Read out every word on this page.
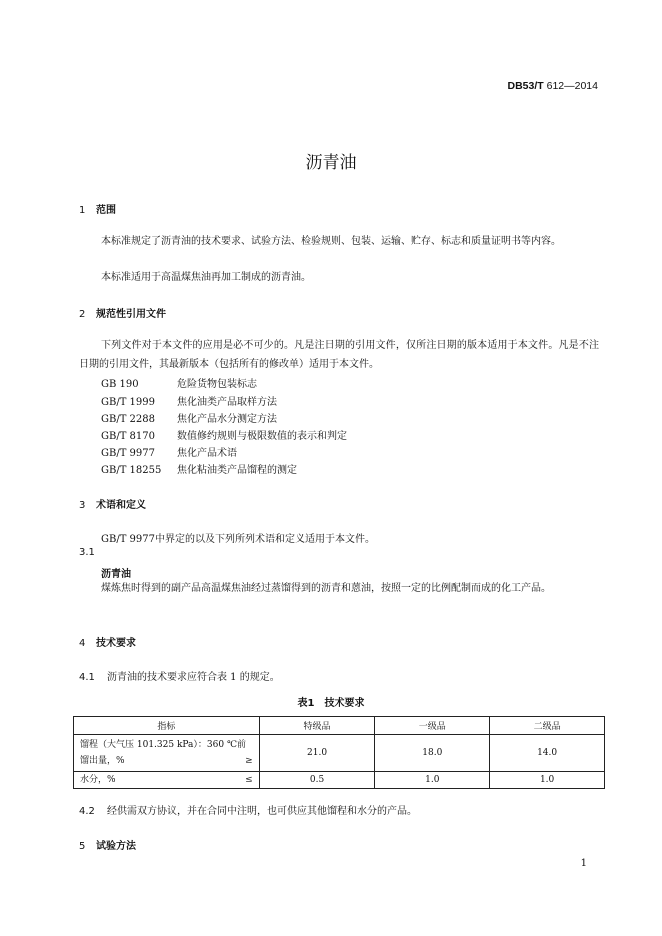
DB53/T 612—2014
沥青油
1 范围
本标准规定了沥青油的技术要求、试验方法、检验规则、包装、运输、贮存、标志和质量证明书等内容。
本标准适用于高温煤焦油再加工制成的沥青油。
2 规范性引用文件
下列文件对于本文件的应用是必不可少的。凡是注日期的引用文件，仅所注日期的版本适用于本文件。凡是不注日期的引用文件，其最新版本（包括所有的修改单）适用于本文件。
GB 190	危险货物包装标志
GB/T 1999 焦化油类产品取样方法
GB/T 2288 焦化产品水分测定方法
GB/T 8170 数值修约规则与极限数值的表示和判定
GB/T 9977 焦化产品术语
GB/T 18255 焦化粘油类产品馏程的测定
3 术语和定义
GB/T 9977中界定的以及下列所列术语和定义适用于本文件。
3.1
沥青油
煤炼焦时得到的副产品高温煤焦油经过蒸馏得到的沥青和蒽油，按照一定的比例配制而成的化工产品。
4 技术要求
4.1 沥青油的技术要求应符合表 1 的规定。
表1　技术要求
指标	特级品	一级品	二级品

馏程（大气压 101.325 kPa）：360 ℃前
馏出量，% ≥	21.0	18.0	14.0
水分，% ≤	0.5	1.0	1.0
4.2 经供需双方协议，并在合同中注明，也可供应其他馏程和水分的产品。
5 试验方法
1
